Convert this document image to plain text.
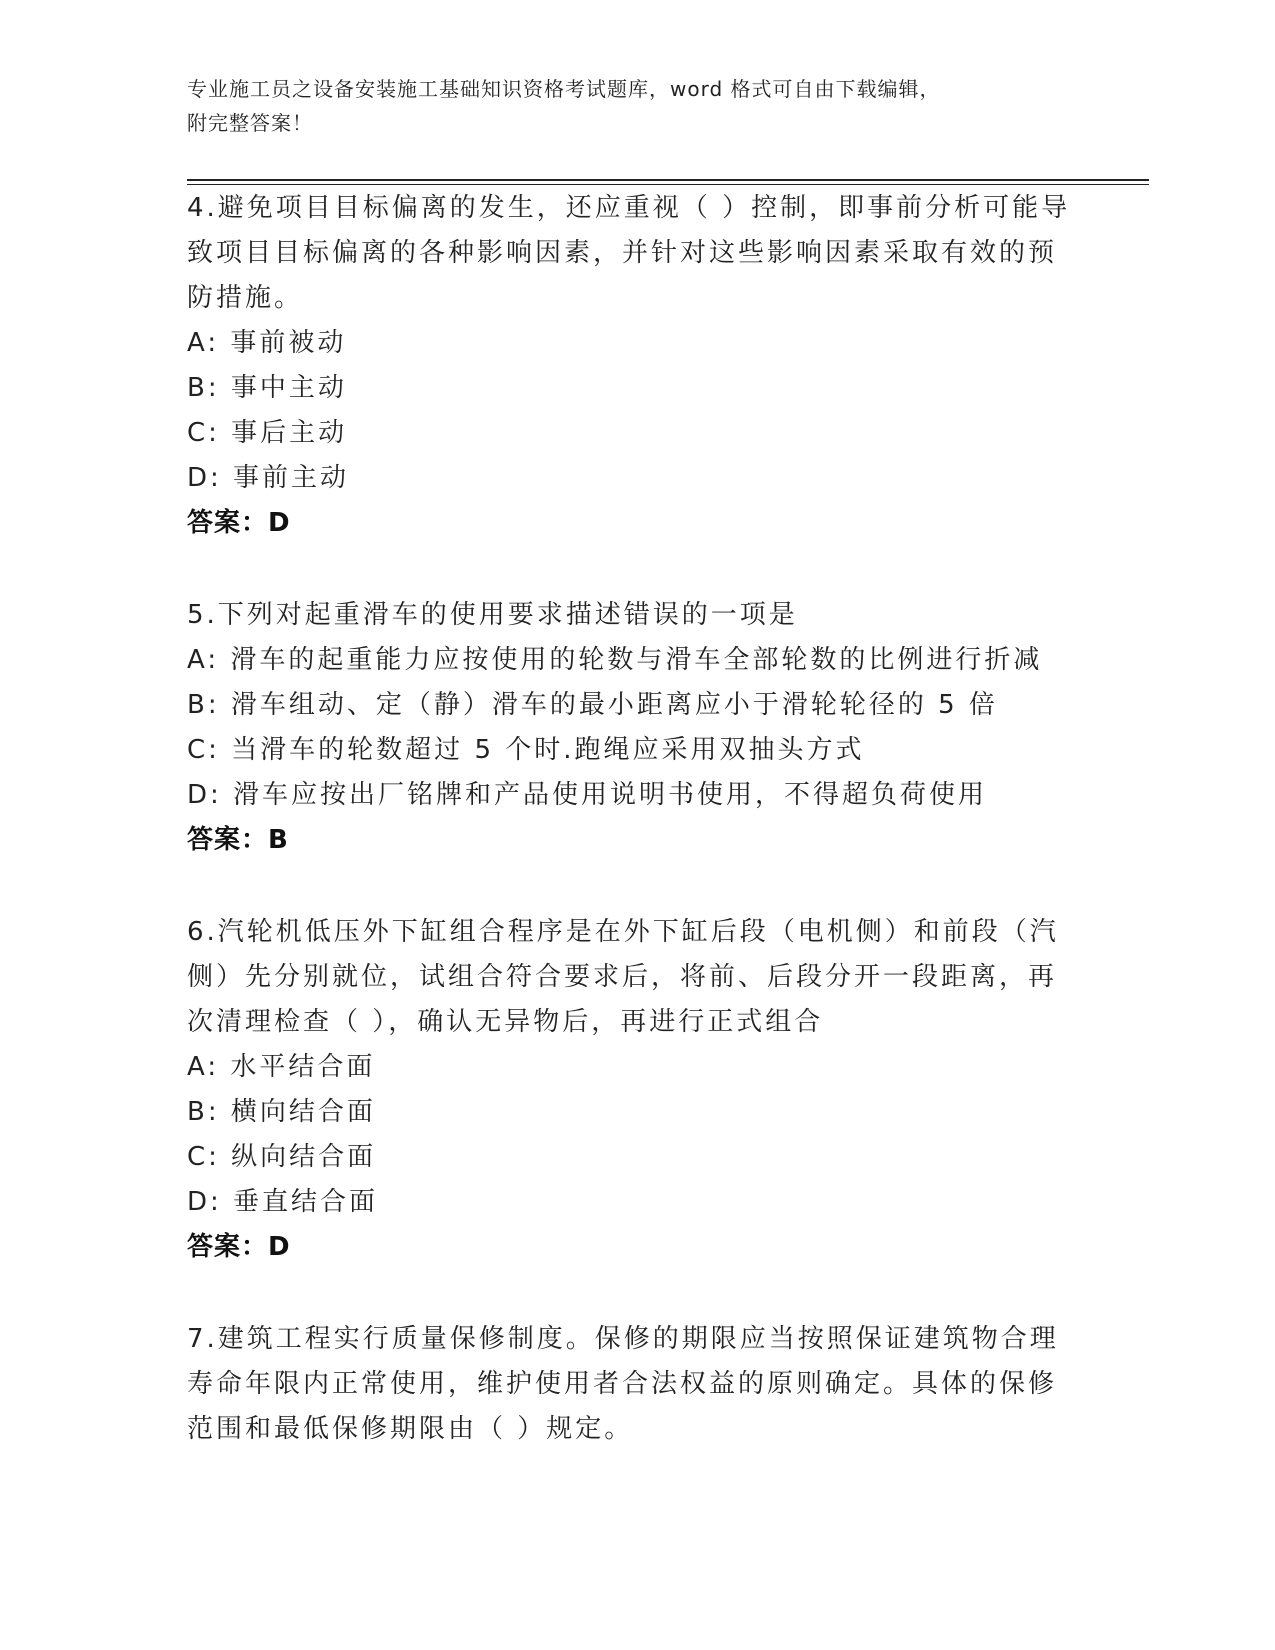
专业施工员之设备安装施工基础知识资格考试题库，word 格式可自由下载编辑，
附完整答案！
4.避免项目目标偏离的发生，还应重视（ ）控制，即事前分析可能导
致项目目标偏离的各种影响因素，并针对这些影响因素采取有效的预
防措施。
A: 事前被动
B: 事中主动
C: 事后主动
D: 事前主动
答案：D
5.下列对起重滑车的使用要求描述错误的一项是
A: 滑车的起重能力应按使用的轮数与滑车全部轮数的比例进行折减
B: 滑车组动、定（静）滑车的最小距离应小于滑轮轮径的 5 倍
C: 当滑车的轮数超过 5 个时.跑绳应采用双抽头方式
D: 滑车应按出厂铭牌和产品使用说明书使用，不得超负荷使用
答案：B
6.汽轮机低压外下缸组合程序是在外下缸后段（电机侧）和前段（汽
侧）先分别就位，试组合符合要求后，将前、后段分开一段距离，再
次清理检查（ ），确认无异物后，再进行正式组合
A: 水平结合面
B: 横向结合面
C: 纵向结合面
D: 垂直结合面
答案：D
7.建筑工程实行质量保修制度。保修的期限应当按照保证建筑物合理
寿命年限内正常使用，维护使用者合法权益的原则确定。具体的保修
范围和最低保修期限由（ ）规定。
